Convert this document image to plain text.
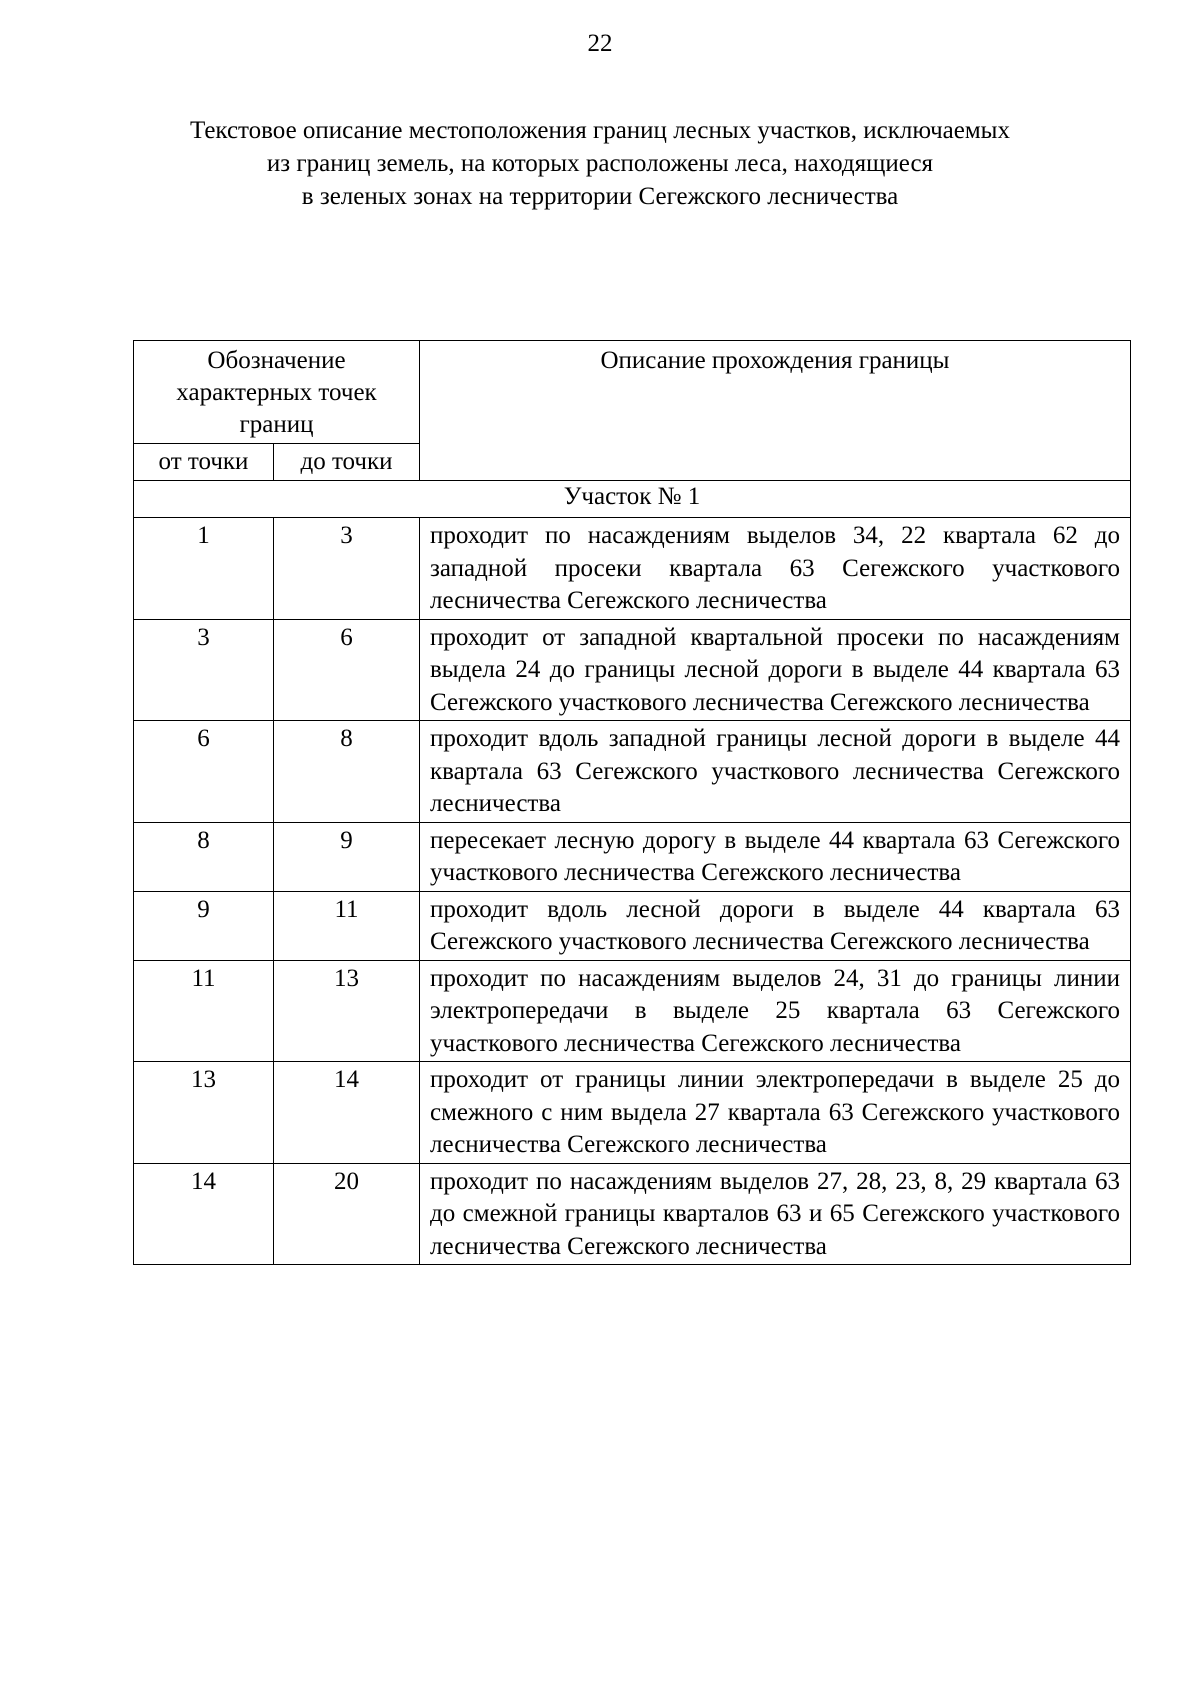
22
Текстовое описание местоположения границ лесных участков, исключаемых
из границ земель, на которых расположены леса, находящиеся
в зеленых зонах на территории Сегежского лесничества
Обозначение характерных точек границ		Описание прохождения границы
от точки	до точки	
Участок № 1		
1	3	проходит по насаждениям выделов 34, 22 квартала 62 до западной просеки квартала 63 Сегежского участкового лесничества Сегежского лесничества
3	6	проходит от западной квартальной просеки по насаждениям выдела 24 до границы лесной дороги в выделе 44 квартала 63 Сегежского участкового лесничества Сегежского лесничества
6	8	проходит вдоль западной границы лесной дороги в выделе 44 квартала 63 Сегежского участкового лесничества Сегежского лесничества
8	9	пересекает лесную дорогу в выделе 44 квартала 63 Сегежского участкового лесничества Сегежского лесничества
9	11	проходит вдоль лесной дороги в выделе 44 квартала 63 Сегежского участкового лесничества Сегежского лесничества
11	13	проходит по насаждениям выделов 24, 31 до границы линии электропередачи в выделе 25 квартала 63 Сегежского участкового лесничества Сегежского лесничества
13	14	проходит от границы линии электропередачи в выделе 25 до смежного с ним выдела 27 квартала 63 Сегежского участкового лесничества Сегежского лесничества
14	20	проходит по насаждениям выделов 27, 28, 23, 8, 29 квартала 63 до смежной границы кварталов 63 и 65 Сегежского участкового лесничества Сегежского лесничества
